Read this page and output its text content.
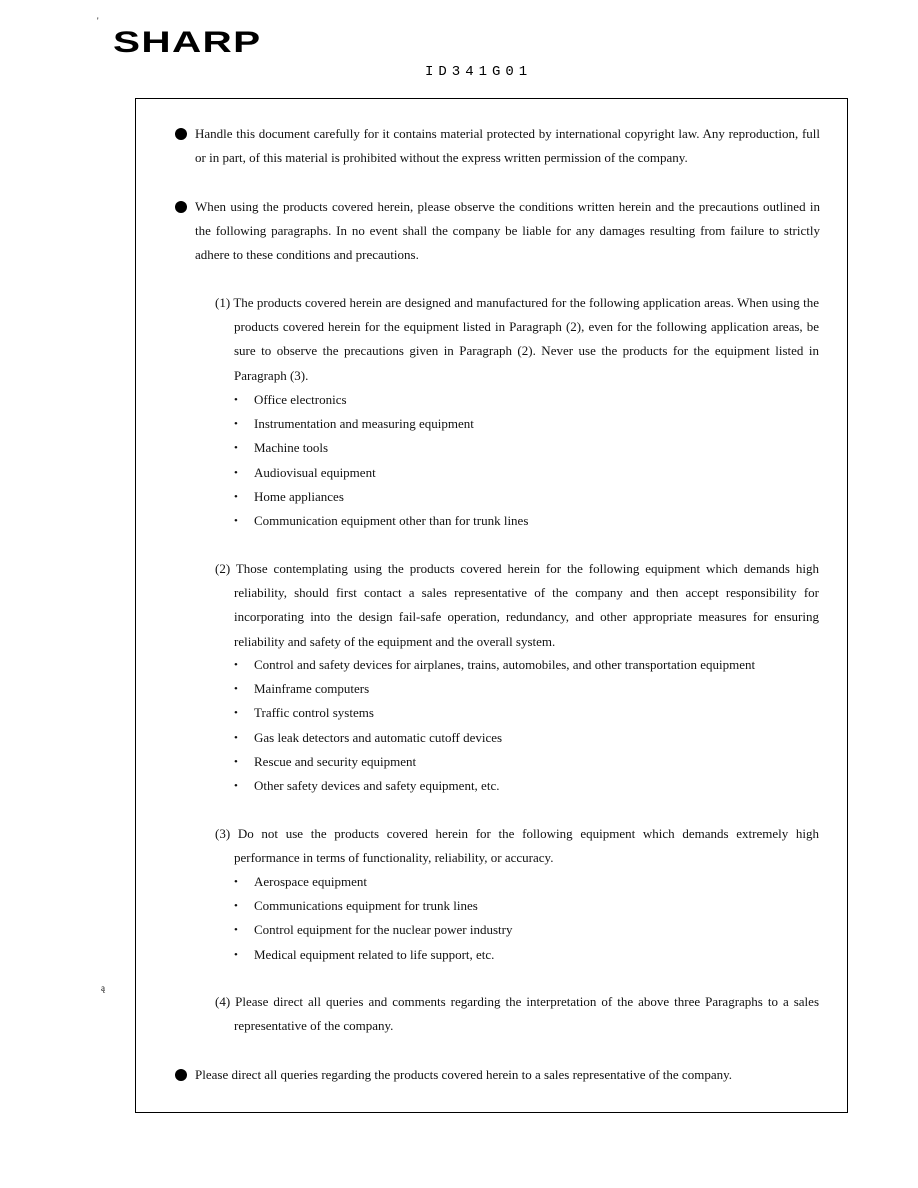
'
SHARP
ID341G01
ą
Handle this document carefully for it contains material protected by international copyright law. Any reproduction, full or in part, of this material is prohibited without the express written permission of the company.
When using the products covered herein, please observe the conditions written herein and the precautions outlined in the following paragraphs. In no event shall the company be liable for any damages resulting from failure to strictly adhere to these conditions and precautions.
(1) The products covered herein are designed and manufactured for the following application areas. When using the products covered herein for the equipment listed in Paragraph (2), even for the following application areas, be sure to observe the precautions given in Paragraph (2). Never use the products for the equipment listed in Paragraph (3).
• Office electronics
• Instrumentation and measuring equipment
• Machine tools
• Audiovisual equipment
• Home appliances
• Communication equipment other than for trunk lines
(2) Those contemplating using the products covered herein for the following equipment which demands high reliability, should first contact a sales representative of the company and then accept responsibility for incorporating into the design fail-safe operation, redundancy, and other appropriate measures for ensuring reliability and safety of the equipment and the overall system.
• Control and safety devices for airplanes, trains, automobiles, and other transportation equipment
• Mainframe computers
• Traffic control systems
• Gas leak detectors and automatic cutoff devices
• Rescue and security equipment
• Other safety devices and safety equipment, etc.
(3) Do not use the products covered herein for the following equipment which demands extremely high performance in terms of functionality, reliability, or accuracy.
• Aerospace equipment
• Communications equipment for trunk lines
• Control equipment for the nuclear power industry
• Medical equipment related to life support, etc.
(4) Please direct all queries and comments regarding the interpretation of the above three Paragraphs to a sales representative of the company.
Please direct all queries regarding the products covered herein to a sales representative of the company.
